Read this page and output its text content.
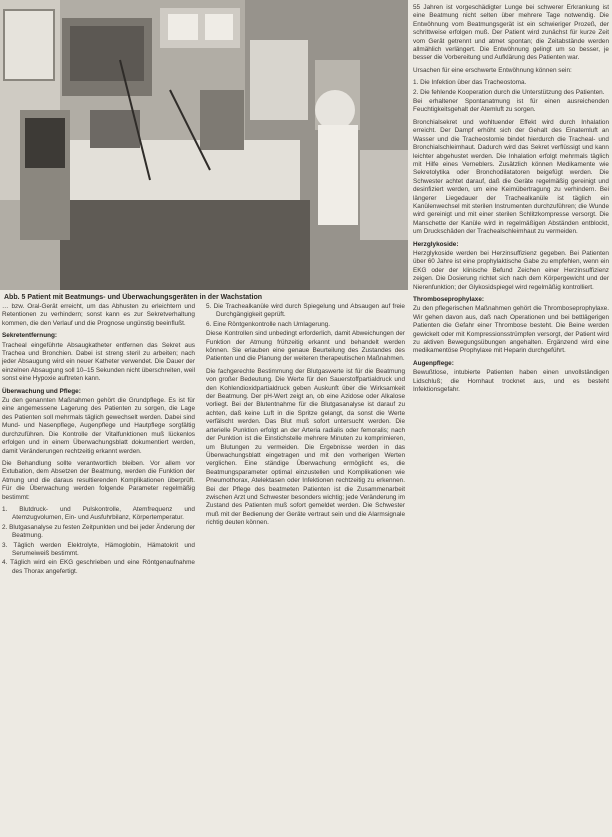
Abb. 5 Patient mit Beatmungs- und Überwachungsgeräten in der Wachstation

… bzw. Oral-Gerät erreicht, um das Abhusten zu erleichtern und Retentionen zu verhindern; sonst kann es zur Sekretverhaltung kommen, die den Verlauf und die Prognose ungünstig beeinflußt.

Sekretentfernung:

Tracheal eingeführte Absaugkatheter entfernen das Sekret aus Trachea und Bronchien. Dabei ist streng steril zu arbeiten; nach jeder Absaugung wird ein neuer Katheter verwendet. Die Dauer der einzelnen Absaugung soll 10–15 Sekunden nicht überschreiten, weil sonst eine Hypoxie auftreten kann.

Überwachung und Pflege:

Zu den genannten Maßnahmen gehört die Grundpflege. Es ist für eine angemessene Lagerung des Patienten zu sorgen, die Lage des Patienten soll mehrmals täglich gewechselt werden. Dabei sind Mund- und Nasenpflege, Augenpflege und Hautpflege sorgfältig durchzuführen. Die Kontrolle der Vitalfunktionen muß lückenlos erfolgen und in einem Überwachungsblatt dokumentiert werden, damit Veränderungen rechtzeitig erkannt werden.

Die Behandlung sollte verantwortlich bleiben. Vor allem vor Extubation, dem Absetzen der Beatmung, werden die Funktion der Atmung und die daraus resultierenden Komplikationen überprüft. Für die Überwachung werden folgende Parameter regelmäßig bestimmt:

1. Blutdruck- und Pulskontrolle, Atemfrequenz und Atemzugvolumen, Ein- und Ausfuhrbilanz, Körpertemperatur.
2. Blutgasanalyse zu festen Zeitpunkten und bei jeder Änderung der Beatmung.
3. Täglich werden Elektrolyte, Hämoglobin, Hämatokrit und Serumeiweiß bestimmt.
4. Täglich wird ein EKG geschrieben und eine Röntgenaufnahme des Thorax angefertigt.
5. Die Trachealkanüle wird durch Spiegelung und Absaugen auf freie Durchgängigkeit geprüft.
6. Eine Röntgenkontrolle nach Umlagerung.

Diese Kontrollen sind unbedingt erforderlich, damit Abweichungen der Funktion der Atmung frühzeitig erkannt und behandelt werden können. Sie erlauben eine genaue Beurteilung des Zustandes des Patienten und die Planung der weiteren therapeutischen Maßnahmen.

Die fachgerechte Bestimmung der Blutgaswerte ist für die Beatmung von großer Bedeutung. Die Werte für den Sauerstoffpartialdruck und den Kohlendioxidpartialdruck geben Auskunft über die Wirksamkeit der Beatmung. Der pH-Wert zeigt an, ob eine Azidose oder Alkalose vorliegt. Bei der Blutentnahme für die Blutgasanalyse ist darauf zu achten, daß keine Luft in die Spritze gelangt, da sonst die Werte verfälscht werden. Das Blut muß sofort untersucht werden. Die arterielle Punktion erfolgt an der Arteria radialis oder femoralis; nach der Punktion ist die Einstichstelle mehrere Minuten zu komprimieren, um Blutungen zu vermeiden. Die Ergebnisse werden in das Überwachungsblatt eingetragen und mit den vorherigen Werten verglichen. Eine ständige Überwachung ermöglicht es, die Beatmungsparameter optimal einzustellen und Komplikationen wie Pneumothorax, Atelektasen oder Infektionen rechtzeitig zu erkennen. Bei der Pflege des beatmeten Patienten ist die Zusammenarbeit zwischen Arzt und Schwester besonders wichtig; jede Veränderung im Zustand des Patienten muß sofort gemeldet werden. Die Schwester muß mit der Bedienung der Geräte vertraut sein und die Alarmsignale richtig deuten können.

55 Jahren ist vorgeschädigter Lunge bei schwerer Erkrankung ist eine Beatmung nicht selten über mehrere Tage notwendig. Die Entwöhnung vom Beatmungsgerät ist ein schwieriger Prozeß, der schrittweise erfolgen muß. Der Patient wird zunächst für kurze Zeit vom Gerät getrennt und atmet spontan; die Zeitabstände werden allmählich verlängert. Die Entwöhnung gelingt um so besser, je besser die Vorbereitung und Aufklärung des Patienten war.

Ursachen für eine erschwerte Entwöhnung können sein:

1. Die Infektion über das Tracheostoma.
2. Die fehlende Kooperation durch die Unterstützung des Patienten.

Bei erhaltener Spontanatmung ist für einen ausreichenden Feuchtigkeitsgehalt der Atemluft zu sorgen.

Bronchialsekret und wohltuender Effekt wird durch Inhalation erreicht. Der Dampf erhöht sich der Gehalt des Einatemluft an Wasser und die Tracheostomie bindet hierdurch die Tracheal- und Bronchialschleimhaut. Dadurch wird das Sekret verflüssigt und kann leichter abgehustet werden. Die Inhalation erfolgt mehrmals täglich mit Hilfe eines Verneblers. Zusätzlich können Medikamente wie Sekretolytika oder Bronchodilatatoren beigefügt werden. Die Schwester achtet darauf, daß die Geräte regelmäßig gereinigt und desinfiziert werden, um eine Keimübertragung zu verhindern. Bei längerer Liegedauer der Trachealkanüle ist täglich ein Kanülenwechsel mit sterilen Instrumenten durchzuführen; die Wunde wird gereinigt und mit einer sterilen Schlitzkompresse versorgt. Die Manschette der Kanüle wird in regelmäßigen Abständen entblockt, um Druckschäden der Trachealschleimhaut zu vermeiden.

Herzglykoside:

Herzglykoside werden bei Herzinsuffizienz gegeben. Bei Patienten über 60 Jahre ist eine prophylaktische Gabe zu empfehlen, wenn ein EKG oder der klinische Befund Zeichen einer Herzinsuffizienz zeigen. Die Dosierung richtet sich nach dem Körpergewicht und der Nierenfunktion; der Glykosidspiegel wird regelmäßig kontrolliert.

Thromboseprophylaxe:

Zu den pflegerischen Maßnahmen gehört die Thromboseprophylaxe. Wir gehen davon aus, daß nach Operationen und bei bettlägerigen Patienten die Gefahr einer Thrombose besteht. Die Beine werden gewickelt oder mit Kompressionsstrümpfen versorgt, der Patient wird zu aktiven Bewegungsübungen angehalten. Ergänzend wird eine medikamentöse Prophylaxe mit Heparin durchgeführt.

Augenpflege:

Bewußtlose, intubierte Patienten haben einen unvollständigen Lidschluß; die Hornhaut trocknet aus, und es besteht Infektionsgefahr.
